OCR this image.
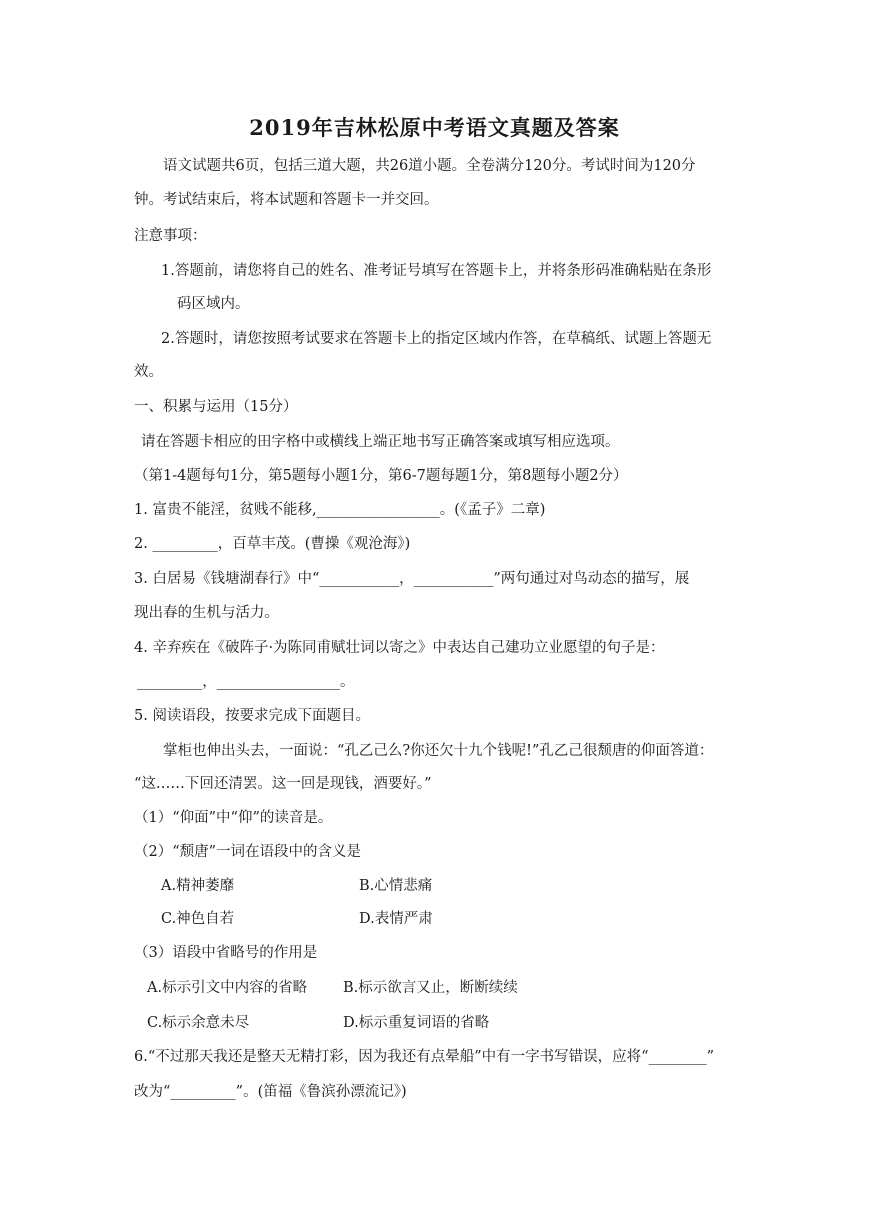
2019年吉林松原中考语文真题及答案
语文试题共6页，包括三道大题，共26道小题。全卷满分120分。考试时间为120分
钟。考试结束后，将本试题和答题卡一并交回。
注意事项：
1.答题前，请您将自己的姓名、准考证号填写在答题卡上，并将条形码准确粘贴在条形
码区域内。
2.答题时，请您按照考试要求在答题卡上的指定区域内作答，在草稿纸、试题上答题无
效。
一、积累与运用（15分）
请在答题卡相应的田字格中或横线上端正地书写正确答案或填写相应选项。
（第1-4题每句1分，第5题每小题1分，第6-7题每题1分，第8题每小题2分）
1. 富贵不能淫，贫贱不能移,_________________。(《孟子》二章)
2. _________，百草丰茂。(曹操《观沧海》)
3. 白居易《钱塘湖春行》中“___________，___________”两句通过对鸟动态的描写，展
现出春的生机与活力。
4. 辛弃疾在《破阵子·为陈同甫赋壮词以寄之》中表达自己建功立业愿望的句子是：
_________，_________________。
5. 阅读语段，按要求完成下面题目。
掌柜也伸出头去，一面说：“孔乙己么?你还欠十九个钱呢!”孔乙己很颓唐的仰面答道：
“这……下回还清罢。这一回是现钱，酒要好。”
（1）“仰面”中“仰”的读音是。
（2）“颓唐”一词在语段中的含义是
A.精神萎靡	B.心情悲痛
C.神色自若	D.表情严肃
（3）语段中省略号的作用是
A.标示引文中内容的省略 B.标示欲言又止，断断续续
C.标示余意未尽	D.标示重复词语的省略
6.“不过那天我还是整天无精打彩，因为我还有点晕船”中有一字书写错误，应将“________”
改为“_________”。(笛福《鲁滨孙漂流记》)
